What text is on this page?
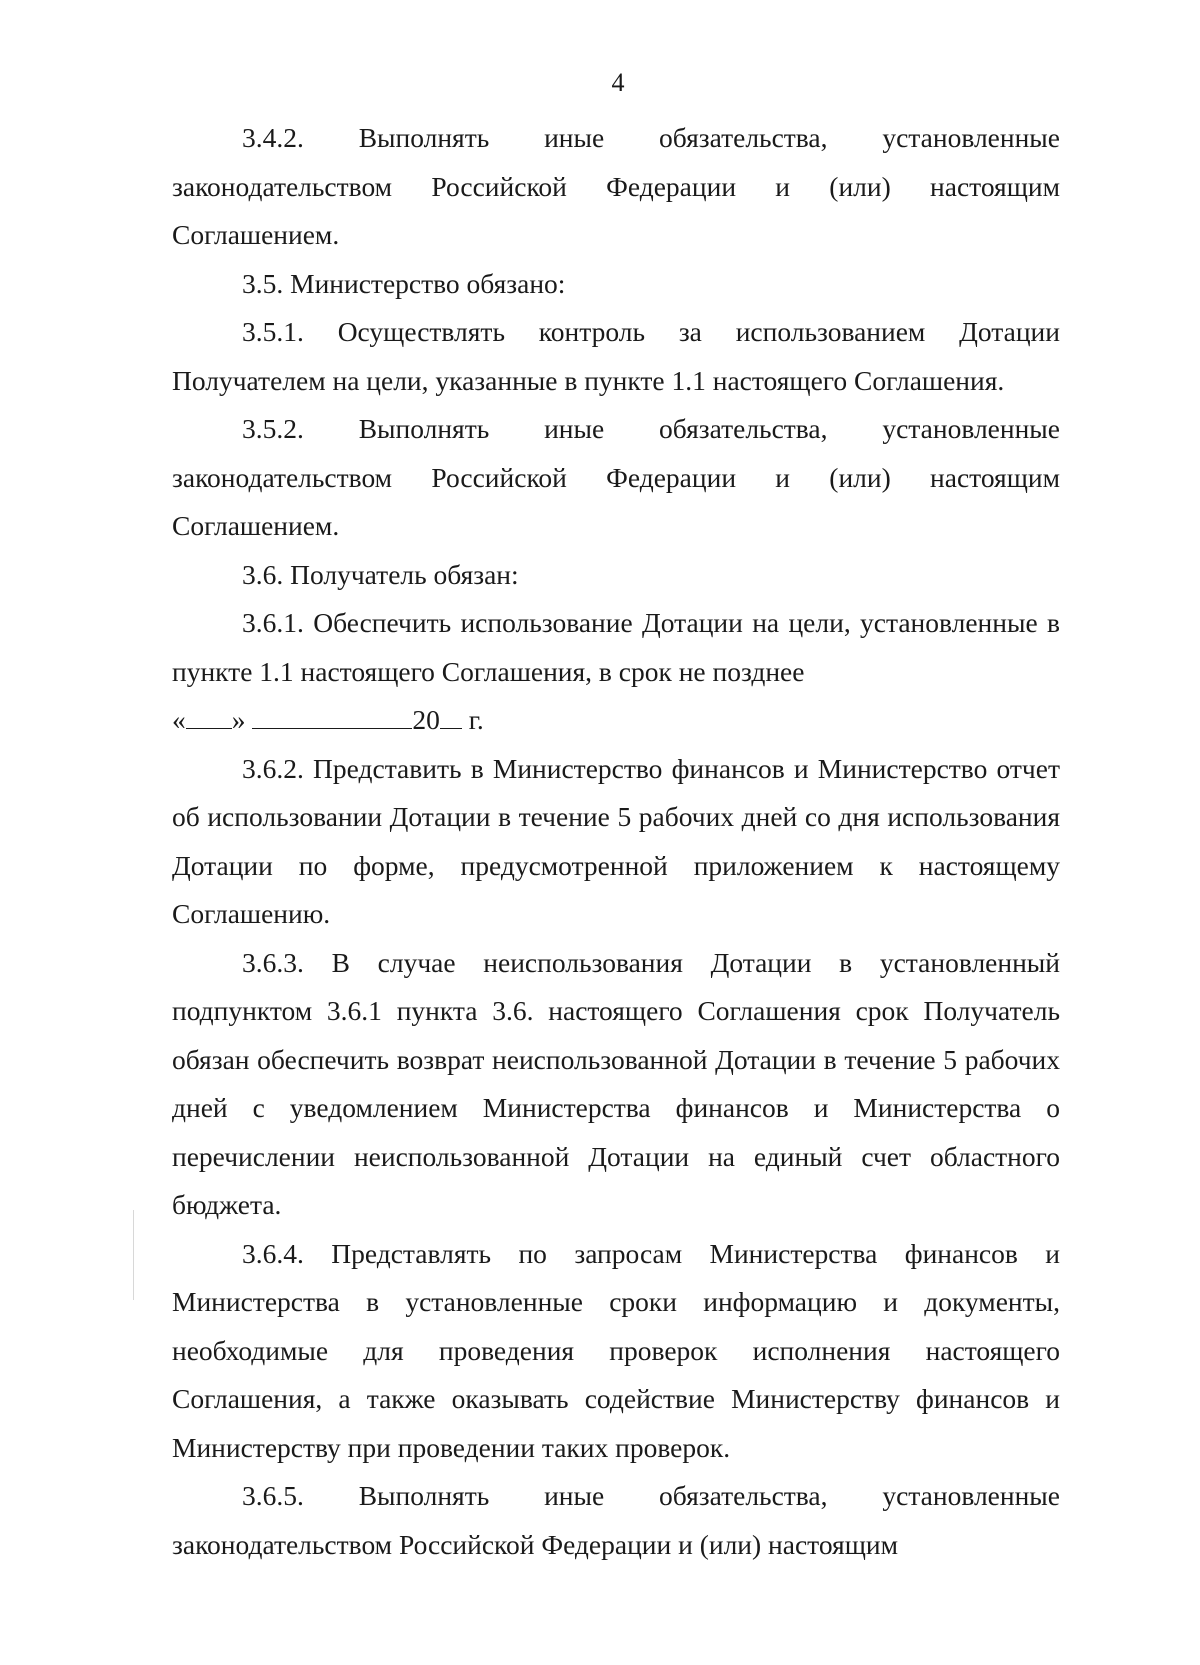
4

3.4.2. Выполнять иные обязательства, установленные законодательством Российской Федерации и (или) настоящим Соглашением.

3.5. Министерство обязано:

3.5.1. Осуществлять контроль за использованием Дотации Получателем на цели, указанные в пункте 1.1 настоящего Соглашения.

3.5.2. Выполнять иные обязательства, установленные законодательством Российской Федерации и (или) настоящим Соглашением.

3.6. Получатель обязан:

3.6.1. Обеспечить использование Дотации на цели, установленные в пункте 1.1 настоящего Соглашения, в срок не позднее

« »	20 г.

3.6.2. Представить в Министерство финансов и Министерство отчет об использовании Дотации в течение 5 рабочих дней со дня использования Дотации по форме, предусмотренной приложением к настоящему Соглашению.

3.6.3. В случае неиспользования Дотации в установленный подпунктом 3.6.1 пункта 3.6. настоящего Соглашения срок Получатель обязан обеспечить возврат неиспользованной Дотации в течение 5 рабочих дней с уведомлением Министерства финансов и Министерства о перечислении неиспользованной Дотации на единый счет областного бюджета.

3.6.4. Представлять по запросам Министерства финансов и Министерства в установленные сроки информацию и документы, необходимые для проведения проверок исполнения настоящего Соглашения, а также оказывать содействие Министерству финансов и Министерству при проведении таких проверок.

3.6.5. Выполнять иные обязательства, установленные законодательством Российской Федерации и (или) настоящим
